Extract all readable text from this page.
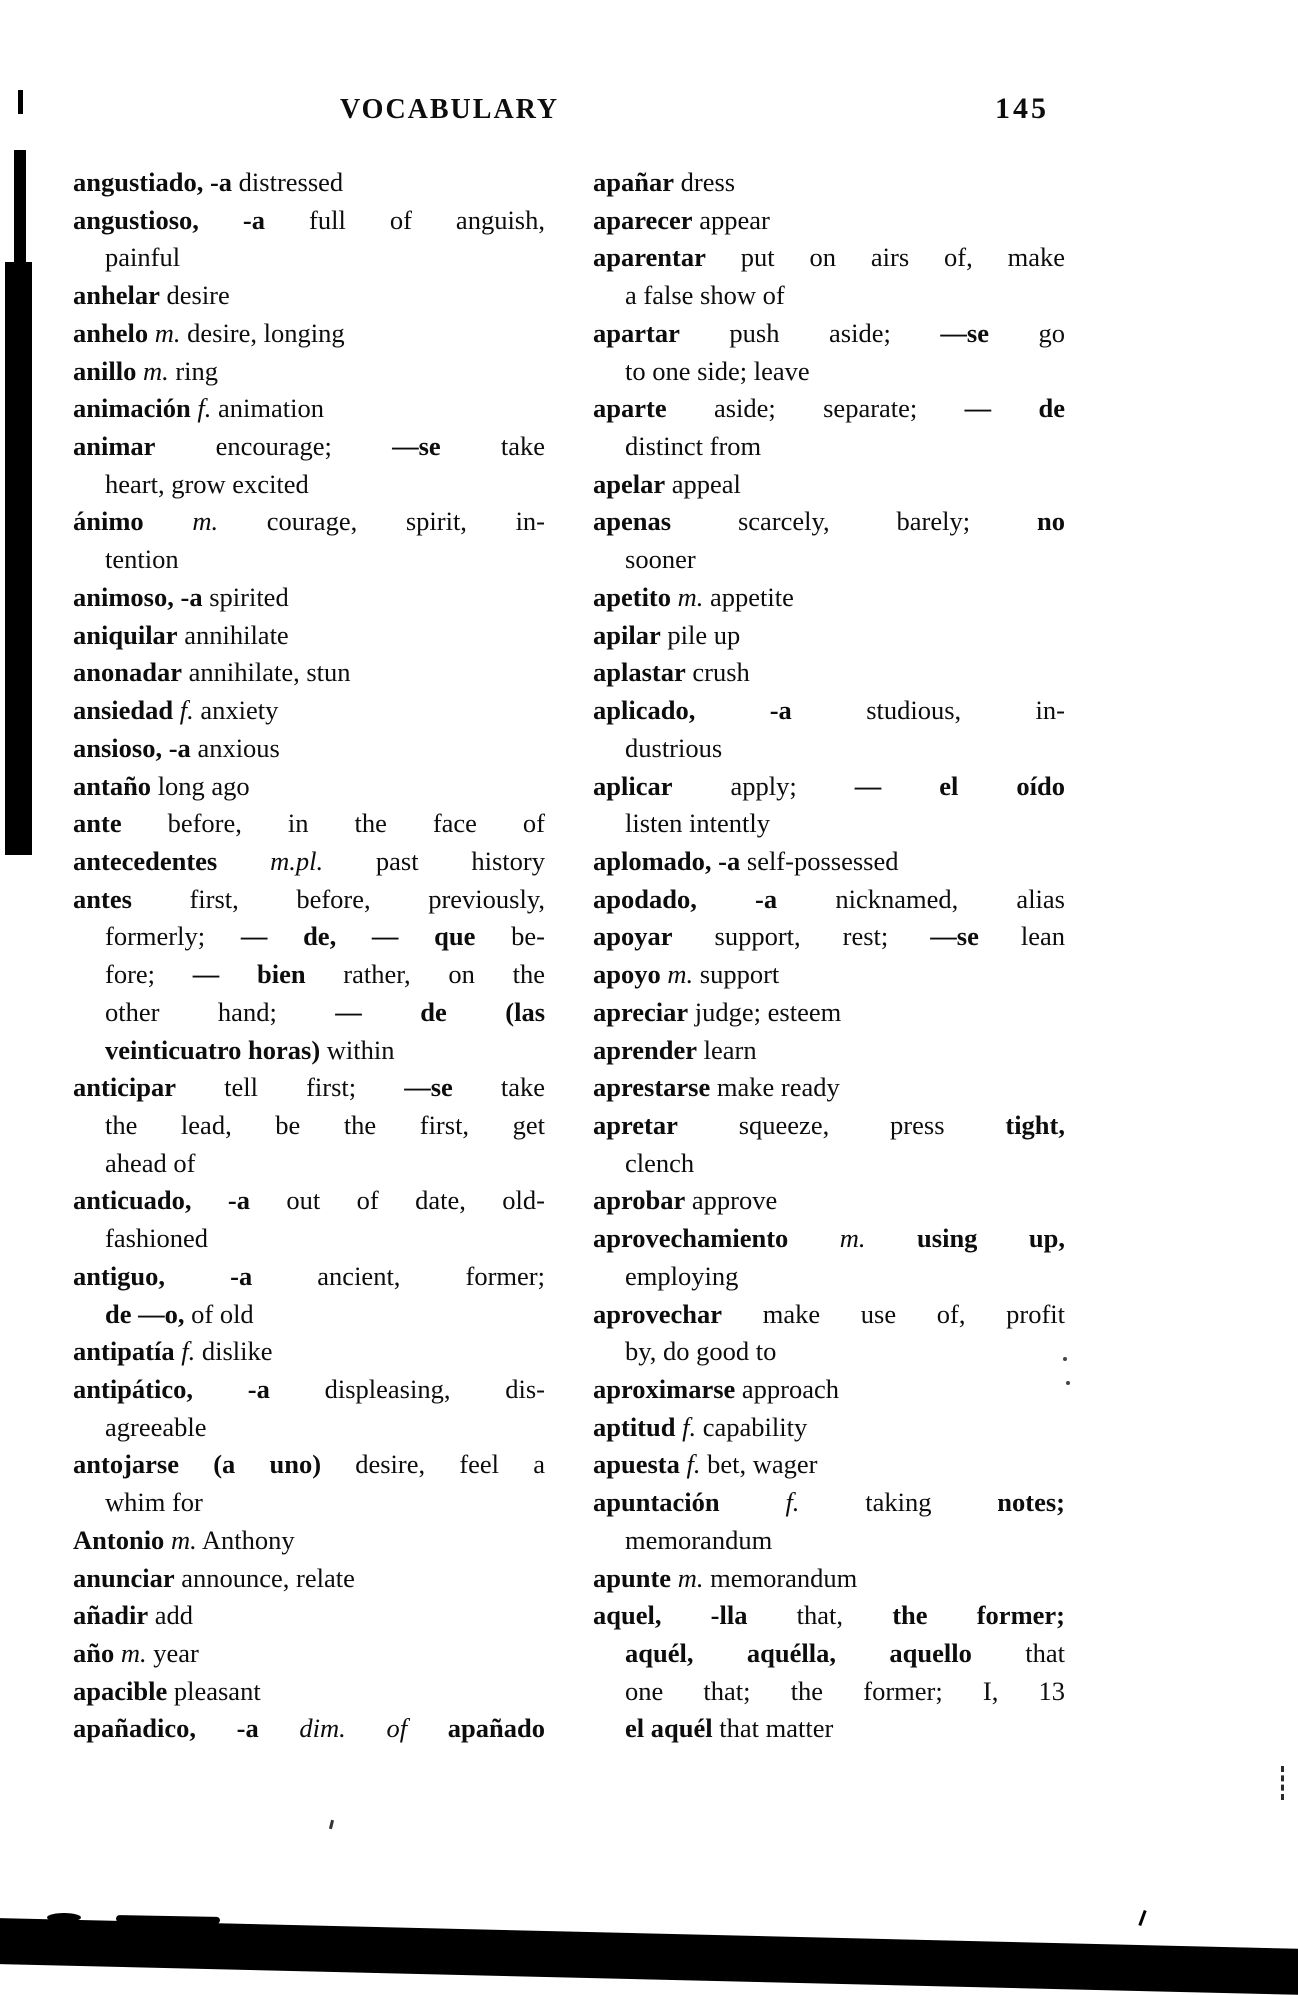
VOCABULARY	145
angustiado, -a distressed
angustioso, -a full of anguish,
painful
anhelar desire
anhelo m. desire, longing
anillo m. ring
animación f. animation
animar encourage; —se take
heart, grow excited
ánimo m. courage, spirit, in-
tention
animoso, -a spirited
aniquilar annihilate
anonadar annihilate, stun
ansiedad f. anxiety
ansioso, -a anxious
antaño long ago
ante before, in the face of
antecedentes m.pl. past history
antes first, before, previously,
formerly; — de, — que be-
fore; — bien rather, on the
other hand; — de (las
veinticuatro horas) within
anticipar tell first; —se take
the lead, be the first, get
ahead of
anticuado, -a out of date, old-
fashioned
antiguo, -a ancient, former;
de —o, of old
antipatía f. dislike
antipático, -a displeasing, dis-
agreeable
antojarse (a uno) desire, feel a
whim for
Antonio m. Anthony
anunciar announce, relate
añadir add
año m. year
apacible pleasant
apañadico, -a dim. of apañado
apañar dress
aparecer appear
aparentar put on airs of, make
a false show of
apartar push aside; —se go
to one side; leave
aparte aside; separate; — de
distinct from
apelar appeal
apenas scarcely, barely; no
sooner
apetito m. appetite
apilar pile up
aplastar crush
aplicado, -a studious, in-
dustrious
aplicar apply; — el oído
listen intently
aplomado, -a self-possessed
apodado, -a nicknamed, alias
apoyar support, rest; —se lean
apoyo m. support
apreciar judge; esteem
aprender learn
aprestarse make ready
apretar squeeze, press tight,
clench
aprobar approve
aprovechamiento m. using up,
employing
aprovechar make use of, profit
by, do good to
aproximarse approach
aptitud f. capability
apuesta f. bet, wager
apuntación f. taking notes;
memorandum
apunte m. memorandum
aquel, -lla that, the former;
aquél, aquélla, aquello that
one that; the former; I, 13
el aquél that matter
